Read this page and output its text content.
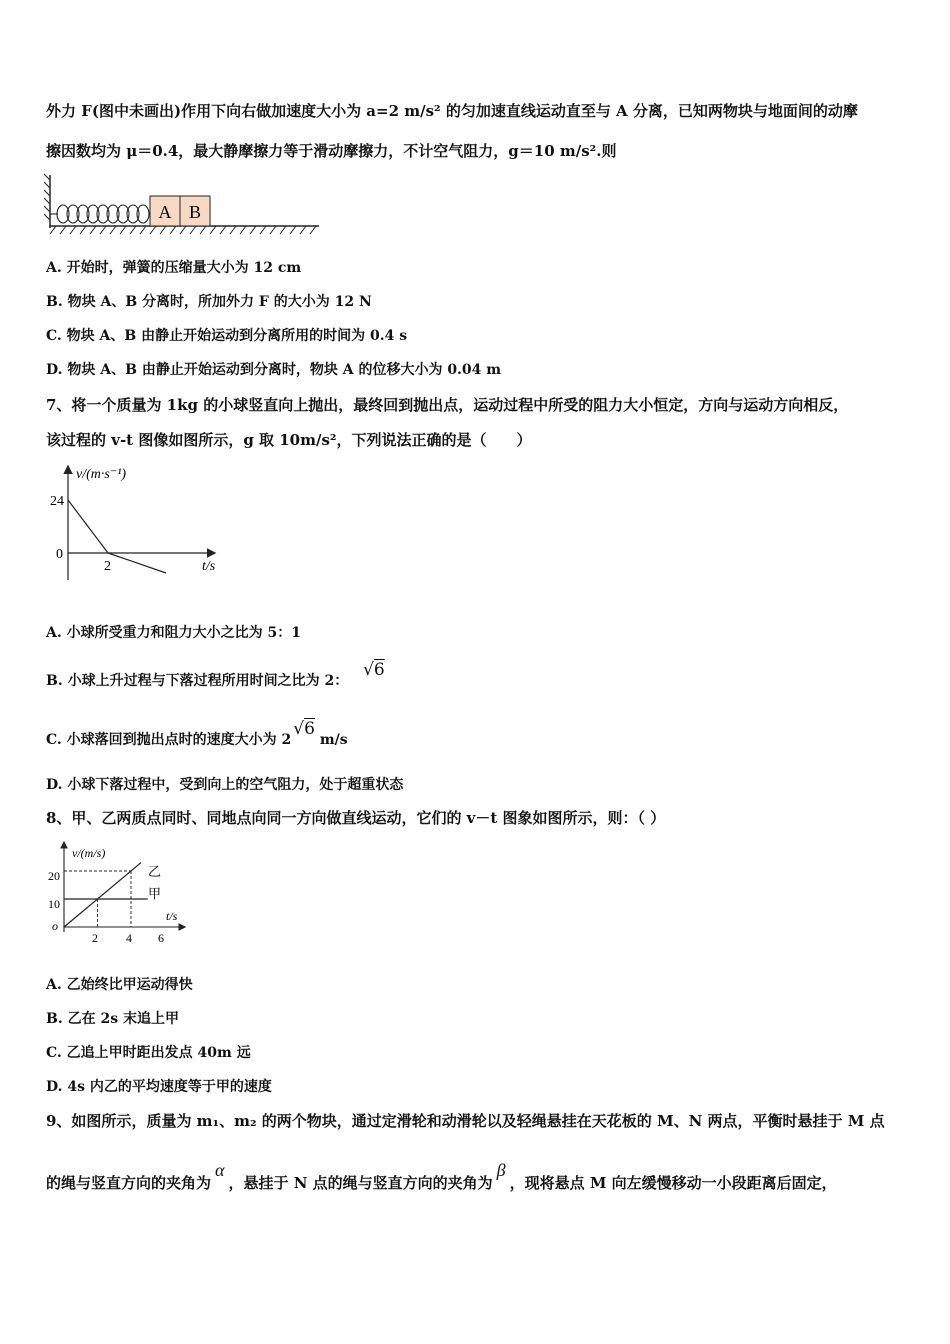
外力 F(图中未画出)作用下向右做加速度大小为 a=2 m/s² 的匀加速直线运动直至与 A 分离，已知两物块与地面间的动摩
擦因数均为 μ＝0.4，最大静摩擦力等于滑动摩擦力，不计空气阻力，g＝10 m/s².则
A B
A. 开始时，弹簧的压缩量大小为 12 cm
B. 物块 A、B 分离时，所加外力 F 的大小为 12 N
C. 物块 A、B 由静止开始运动到分离所用的时间为 0.4 s
D. 物块 A、B 由静止开始运动到分离时，物块 A 的位移大小为 0.04 m
7、将一个质量为 1kg 的小球竖直向上抛出，最终回到抛出点，运动过程中所受的阻力大小恒定，方向与运动方向相反，
该过程的 v-t 图像如图所示，g 取 10m/s²，下列说法正确的是（　　）
v/(m·s⁻¹)
24
0
2	t/s
A. 小球所受重力和阻力大小之比为 5：1
B. 小球上升过程与下落过程所用时间之比为 2： √6
C. 小球落回到抛出点时的速度大小为 2√6 m/s
D. 小球下落过程中，受到向上的空气阻力，处于超重状态
8、甲、乙两质点同时、同地点向同一方向做直线运动，它们的 v－t 图象如图所示，则：（ ）
v/(m/s)
20
10
o
2 4 6
t/s
乙
甲
A. 乙始终比甲运动得快
B. 乙在 2s 末追上甲
C. 乙追上甲时距出发点 40m 远
D. 4s 内乙的平均速度等于甲的速度
9、如图所示，质量为 m₁、m₂ 的两个物块，通过定滑轮和动滑轮以及轻绳悬挂在天花板的 M、N 两点，平衡时悬挂于 M 点
的绳与竖直方向的夹角为α，悬挂于 N 点的绳与竖直方向的夹角为β，现将悬点 M 向左缓慢移动一小段距离后固定，
